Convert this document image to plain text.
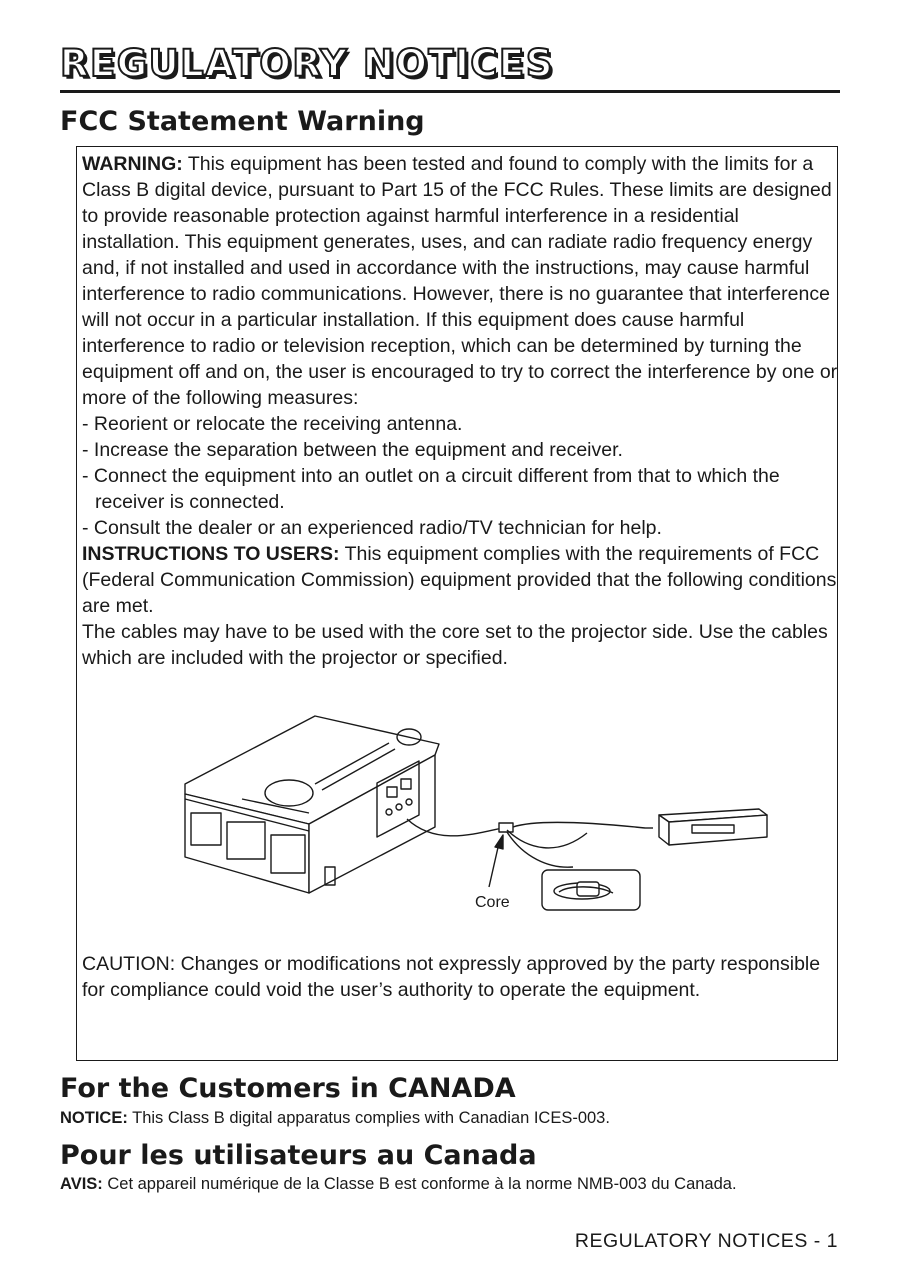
REGULATORY NOTICES
FCC Statement Warning

WARNING: This equipment has been tested and found to comply with the limits for a Class B digital device, pursuant to Part 15 of the FCC Rules. These limits are designed to provide reasonable protection against harmful interference in a residential installation. This equipment generates, uses, and can radiate radio frequency energy and, if not installed and used in accordance with the instructions, may cause harmful interference to radio communications. However, there is no guarantee that interference will not occur in a particular installation. If this equipment does cause harmful interference to radio or television reception, which can be determined by turning the equipment off and on, the user is encouraged to try to correct the interference by one or more of the following measures:

- Reorient or relocate the receiving antenna.

- Increase the separation between the equipment and receiver.

- Connect the equipment into an outlet on a circuit different from that to which the receiver is connected.

- Consult the dealer or an experienced radio/TV technician for help.

INSTRUCTIONS TO USERS: This equipment complies with the requirements of FCC (Federal Communication Commission) equipment provided that the following conditions are met.

The cables may have to be used with the core set to the projector side. Use the cables which are included with the projector or specified.

Core

CAUTION: Changes or modifications not expressly approved by the party responsible for compliance could void the user’s authority to operate the equipment.

For the Customers in CANADA

NOTICE: This Class B digital apparatus complies with Canadian ICES-003.

Pour les utilisateurs au Canada

AVIS: Cet appareil numérique de la Classe B est conforme à la norme NMB-003 du Canada.

REGULATORY NOTICES - 1
